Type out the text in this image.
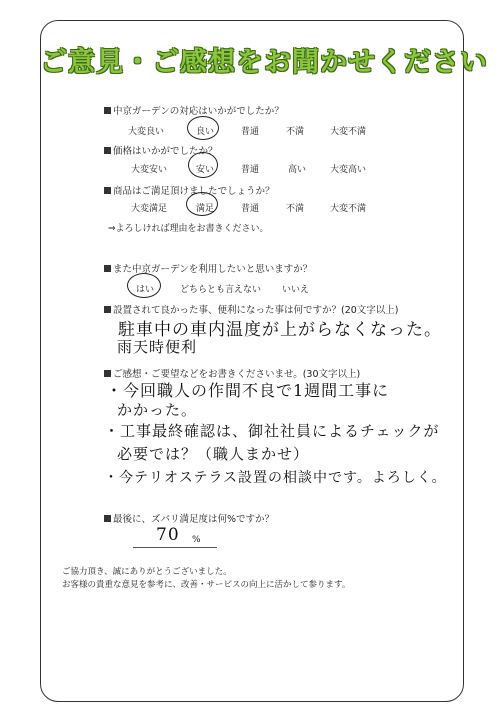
ご意見・ご感想をお聞かせください
中京ガーデンの対応はいかがでしたか？
大変良い	良い	普通	不満	大変不満
価格はいかがでしたか？
大変安い	安い	普通	高い	大変高い
商品はご満足頂けましたでしょうか？
大変満足	満足	普通	不満	大変不満
⇒よろしければ理由をお書きください。
また中京ガーデンを利用したいと思いますか？
はい	どちらとも言えない いいえ
設置されて良かった事、便利になった事は何ですか？(20文字以上)
駐車中の車内温度が上がらなくなった。
雨天時便利
ご感想・ご要望などをお書きくださいませ。(30文字以上)
・今回職人の作間不良で1週間工事に
かかった。
・工事最終確認は、御社社員によるチェックが
必要では？（職人まかせ）
・今テリオステラス設置の相談中です。よろしく。
最後に、ズバリ満足度は何%ですか？
70 %
ご協力頂き、誠にありがとうございました。
お客様の貴重な意見を参考に、改善・サービスの向上に活かして参ります。
